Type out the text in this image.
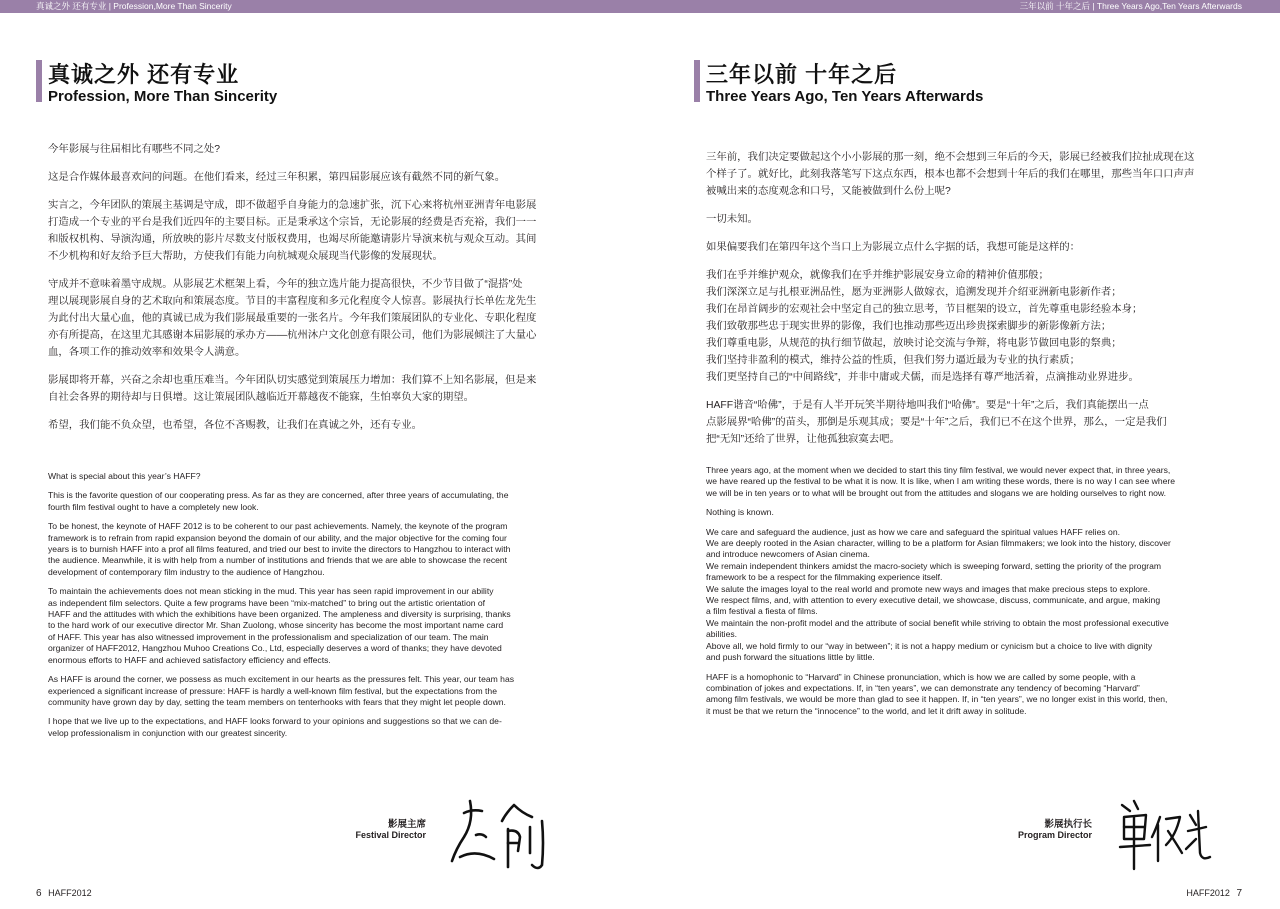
真诚之外 还有专业 | Profession,More Than Sincerity	三年以前 十年之后 | Three Years Ago,Ten Years Afterwards
真诚之外 还有专业
Profession, More Than Sincerity

今年影展与往届相比有哪些不同之处?

这是合作媒体最喜欢问的问题。在他们看来，经过三年积累，第四届影展应该有截然不同的新气象。

实言之，今年团队的策展主基调是守成，即不做超乎自身能力的急速扩张，沉下心来将杭州亚洲青年电影展
打造成一个专业的平台是我们近四年的主要目标。正是秉承这个宗旨，无论影展的经费是否充裕，我们一一
和版权机构、导演沟通，所放映的影片尽数支付版权费用，也竭尽所能邀请影片导演来杭与观众互动。其间
不少机构和好友给予巨大帮助，方使我们有能力向杭城观众展现当代影像的发展现状。

守成并不意味着墨守成规。从影展艺术框架上看，今年的独立选片能力提高很快，不少节目做了“混搭”处
理以展现影展自身的艺术取向和策展态度。节目的丰富程度和多元化程度令人惊喜。影展执行长单佐龙先生
为此付出大量心血，他的真诚已成为我们影展最重要的一张名片。今年我们策展团队的专业化、专职化程度
亦有所提高，在这里尤其感谢本届影展的承办方——杭州沐户文化创意有限公司，他们为影展倾注了大量心
血，各项工作的推动效率和效果令人满意。

影展即将开幕，兴奋之余却也重压难当。今年团队切实感觉到策展压力增加：我们算不上知名影展，但是来
自社会各界的期待却与日俱增。这让策展团队越临近开幕越夜不能寐，生怕辜负大家的期望。

希望，我们能不负众望，也希望，各位不吝赐教，让我们在真诚之外，还有专业。

What is special about this year’s HAFF?

This is the favorite question of our cooperating press. As far as they are concerned, after three years of accumulating, the
fourth film festival ought to have a completely new look.

To be honest, the keynote of HAFF 2012 is to be coherent to our past achievements. Namely, the keynote of the program
framework is to refrain from rapid expansion beyond the domain of our ability, and the major objective for the coming four
years is to burnish HAFF into a prof all films featured, and tried our best to invite the directors to Hangzhou to interact with
the audience. Meanwhile, it is with help from a number of institutions and friends that we are able to showcase the recent
development of contemporary film industry to the audience of Hangzhou.

To maintain the achievements does not mean sticking in the mud. This year has seen rapid improvement in our ability
as independent film selectors. Quite a few programs have been “mix-matched” to bring out the artistic orientation of
HAFF and the attitudes with which the exhibitions have been organized. The ampleness and diversity is surprising, thanks
to the hard work of our executive director Mr. Shan Zuolong, whose sincerity has become the most important name card
of HAFF. This year has also witnessed improvement in the professionalism and specialization of our team. The main
organizer of HAFF2012, Hangzhou Muhoo Creations Co., Ltd, especially deserves a word of thanks; they have devoted
enormous efforts to HAFF and achieved satisfactory efficiency and effects.

As HAFF is around the corner, we possess as much excitement in our hearts as the pressures felt. This year, our team has
experienced a significant increase of pressure: HAFF is hardly a well-known film festival, but the expectations from the
community have grown day by day, setting the team members on tenterhooks with fears that they might let people down.

I hope that we live up to the expectations, and HAFF looks forward to your opinions and suggestions so that we can de-
velop professionalism in conjunction with our greatest sincerity.

影展主席
Festival Director
6 HAFF2012
三年以前 十年之后
Three Years Ago, Ten Years Afterwards

三年前，我们决定要做起这个小小影展的那一刻，绝不会想到三年后的今天，影展已经被我们拉扯成现在这
个样子了。就好比，此刻我落笔写下这点东西，根本也都不会想到十年后的我们在哪里，那些当年口口声声
被喊出来的态度观念和口号，又能被做到什么份上呢?

一切未知。

如果偏要我们在第四年这个当口上为影展立点什么字据的话，我想可能是这样的：

我们在乎并维护观众，就像我们在乎并维护影展安身立命的精神价值那般；
我们深深立足与扎根亚洲品性，愿为亚洲影人做嫁衣，追溯发现并介绍亚洲新电影新作者；
我们在昂首阔步的宏观社会中坚定自己的独立思考，节目框架的设立，首先尊重电影经验本身；
我们致敬那些忠于现实世界的影像，我们也推动那些迈出珍贵探索脚步的新影像新方法；
我们尊重电影，从规范的执行细节做起，放映讨论交流与争辩，将电影节做回电影的祭典；
我们坚持非盈利的模式，维持公益的性质，但我们努力逼近最为专业的执行素质；
我们更坚持自己的“中间路线”，并非中庸或犬儒，而是选择有尊严地活着，点滴推动业界进步。

HAFF谐音“哈佛”，于是有人半开玩笑半期待地叫我们“哈佛”。要是“十年”之后，我们真能摆出一点
点影展界“哈佛”的苗头，那倒是乐观其成；要是“十年”之后，我们已不在这个世界，那么，一定是我们
把“无知”还给了世界，让他孤独寂寞去吧。

Three years ago, at the moment when we decided to start this tiny film festival, we would never expect that, in three years,
we have reared up the festival to be what it is now. It is like, when I am writing these words, there is no way I can see where
we will be in ten years or to what will be brought out from the attitudes and slogans we are holding ourselves to right now.

Nothing is known.

We care and safeguard the audience, just as how we care and safeguard the spiritual values HAFF relies on.
We are deeply rooted in the Asian character, willing to be a platform for Asian filmmakers; we look into the history, discover
and introduce newcomers of Asian cinema.
We remain independent thinkers amidst the macro-society which is sweeping forward, setting the priority of the program
framework to be a respect for the filmmaking experience itself.
We salute the images loyal to the real world and promote new ways and images that make precious steps to explore.
We respect films, and, with attention to every executive detail, we showcase, discuss, communicate, and argue, making
a film festival a fiesta of films.
We maintain the non-profit model and the attribute of social benefit while striving to obtain the most professional executive
abilities.
Above all, we hold firmly to our “way in between”; it is not a happy medium or cynicism but a choice to live with dignity
and push forward the situations little by little.

HAFF is a homophonic to “Harvard” in Chinese pronunciation, which is how we are called by some people, with a
combination of jokes and expectations. If, in “ten years”, we can demonstrate any tendency of becoming “Harvard”
among film festivals, we would be more than glad to see it happen. If, in “ten years”, we no longer exist in this world, then,
it must be that we return the “innocence” to the world, and let it drift away in solitude.

影展执行长
Program Director
HAFF2012 7
